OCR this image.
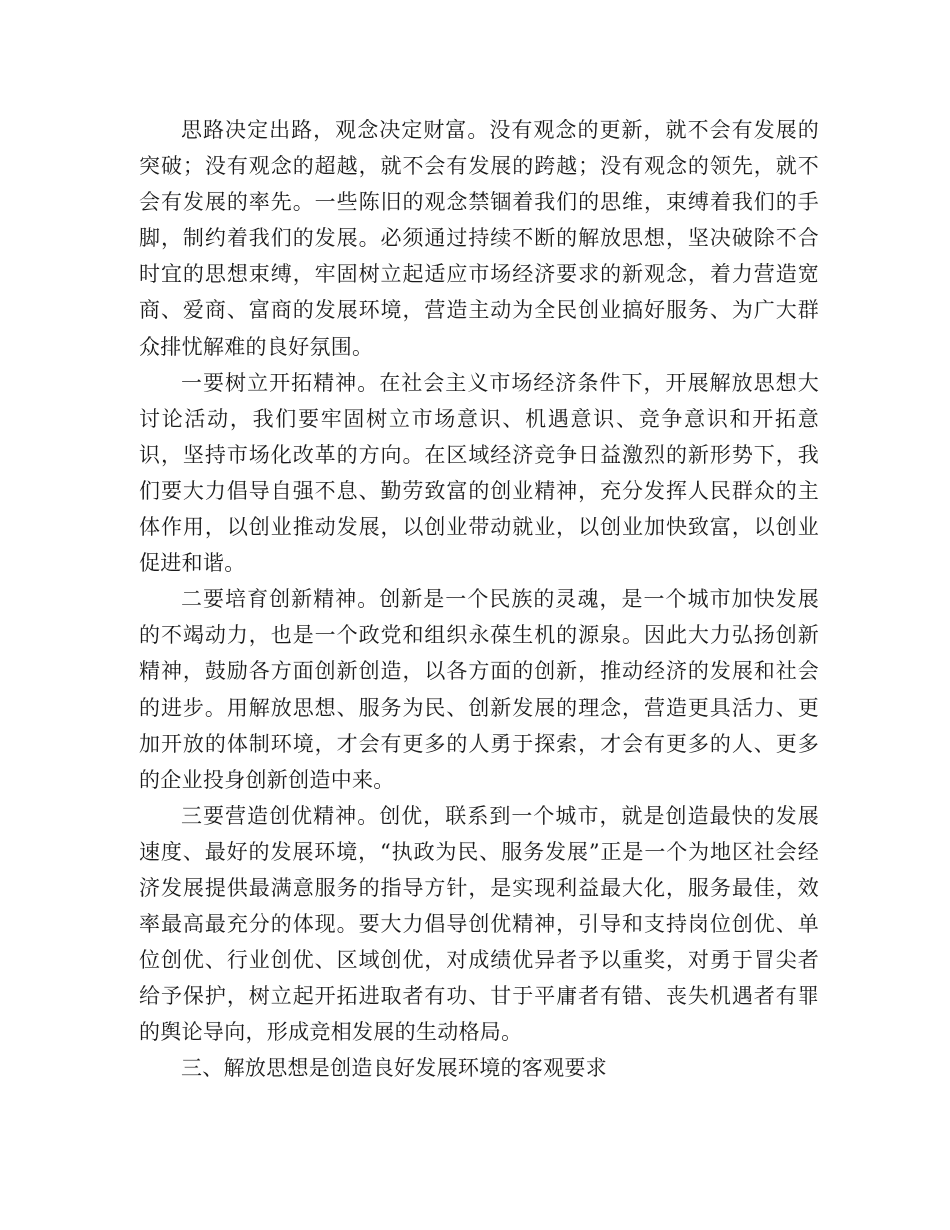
思路决定出路，观念决定财富。没有观念的更新，就不会有发展的突破；没有观念的超越，就不会有发展的跨越；没有观念的领先，就不会有发展的率先。一些陈旧的观念禁锢着我们的思维，束缚着我们的手脚，制约着我们的发展。必须通过持续不断的解放思想，坚决破除不合时宜的思想束缚，牢固树立起适应市场经济要求的新观念，着力营造宽商、爱商、富商的发展环境，营造主动为全民创业搞好服务、为广大群众排忧解难的良好氛围。

一要树立开拓精神。在社会主义市场经济条件下，开展解放思想大讨论活动，我们要牢固树立市场意识、机遇意识、竞争意识和开拓意识，坚持市场化改革的方向。在区域经济竞争日益激烈的新形势下，我们要大力倡导自强不息、勤劳致富的创业精神，充分发挥人民群众的主体作用，以创业推动发展，以创业带动就业，以创业加快致富，以创业促进和谐。

二要培育创新精神。创新是一个民族的灵魂，是一个城市加快发展的不竭动力，也是一个政党和组织永葆生机的源泉。因此大力弘扬创新精神，鼓励各方面创新创造，以各方面的创新，推动经济的发展和社会的进步。用解放思想、服务为民、创新发展的理念，营造更具活力、更加开放的体制环境，才会有更多的人勇于探索，才会有更多的人、更多的企业投身创新创造中来。

三要营造创优精神。创优，联系到一个城市，就是创造最快的发展速度、最好的发展环境，“执政为民、服务发展”正是一个为地区社会经济发展提供最满意服务的指导方针，是实现利益最大化，服务最佳，效率最高最充分的体现。要大力倡导创优精神，引导和支持岗位创优、单位创优、行业创优、区域创优，对成绩优异者予以重奖，对勇于冒尖者给予保护，树立起开拓进取者有功、甘于平庸者有错、丧失机遇者有罪的舆论导向，形成竞相发展的生动格局。

三、解放思想是创造良好发展环境的客观要求
